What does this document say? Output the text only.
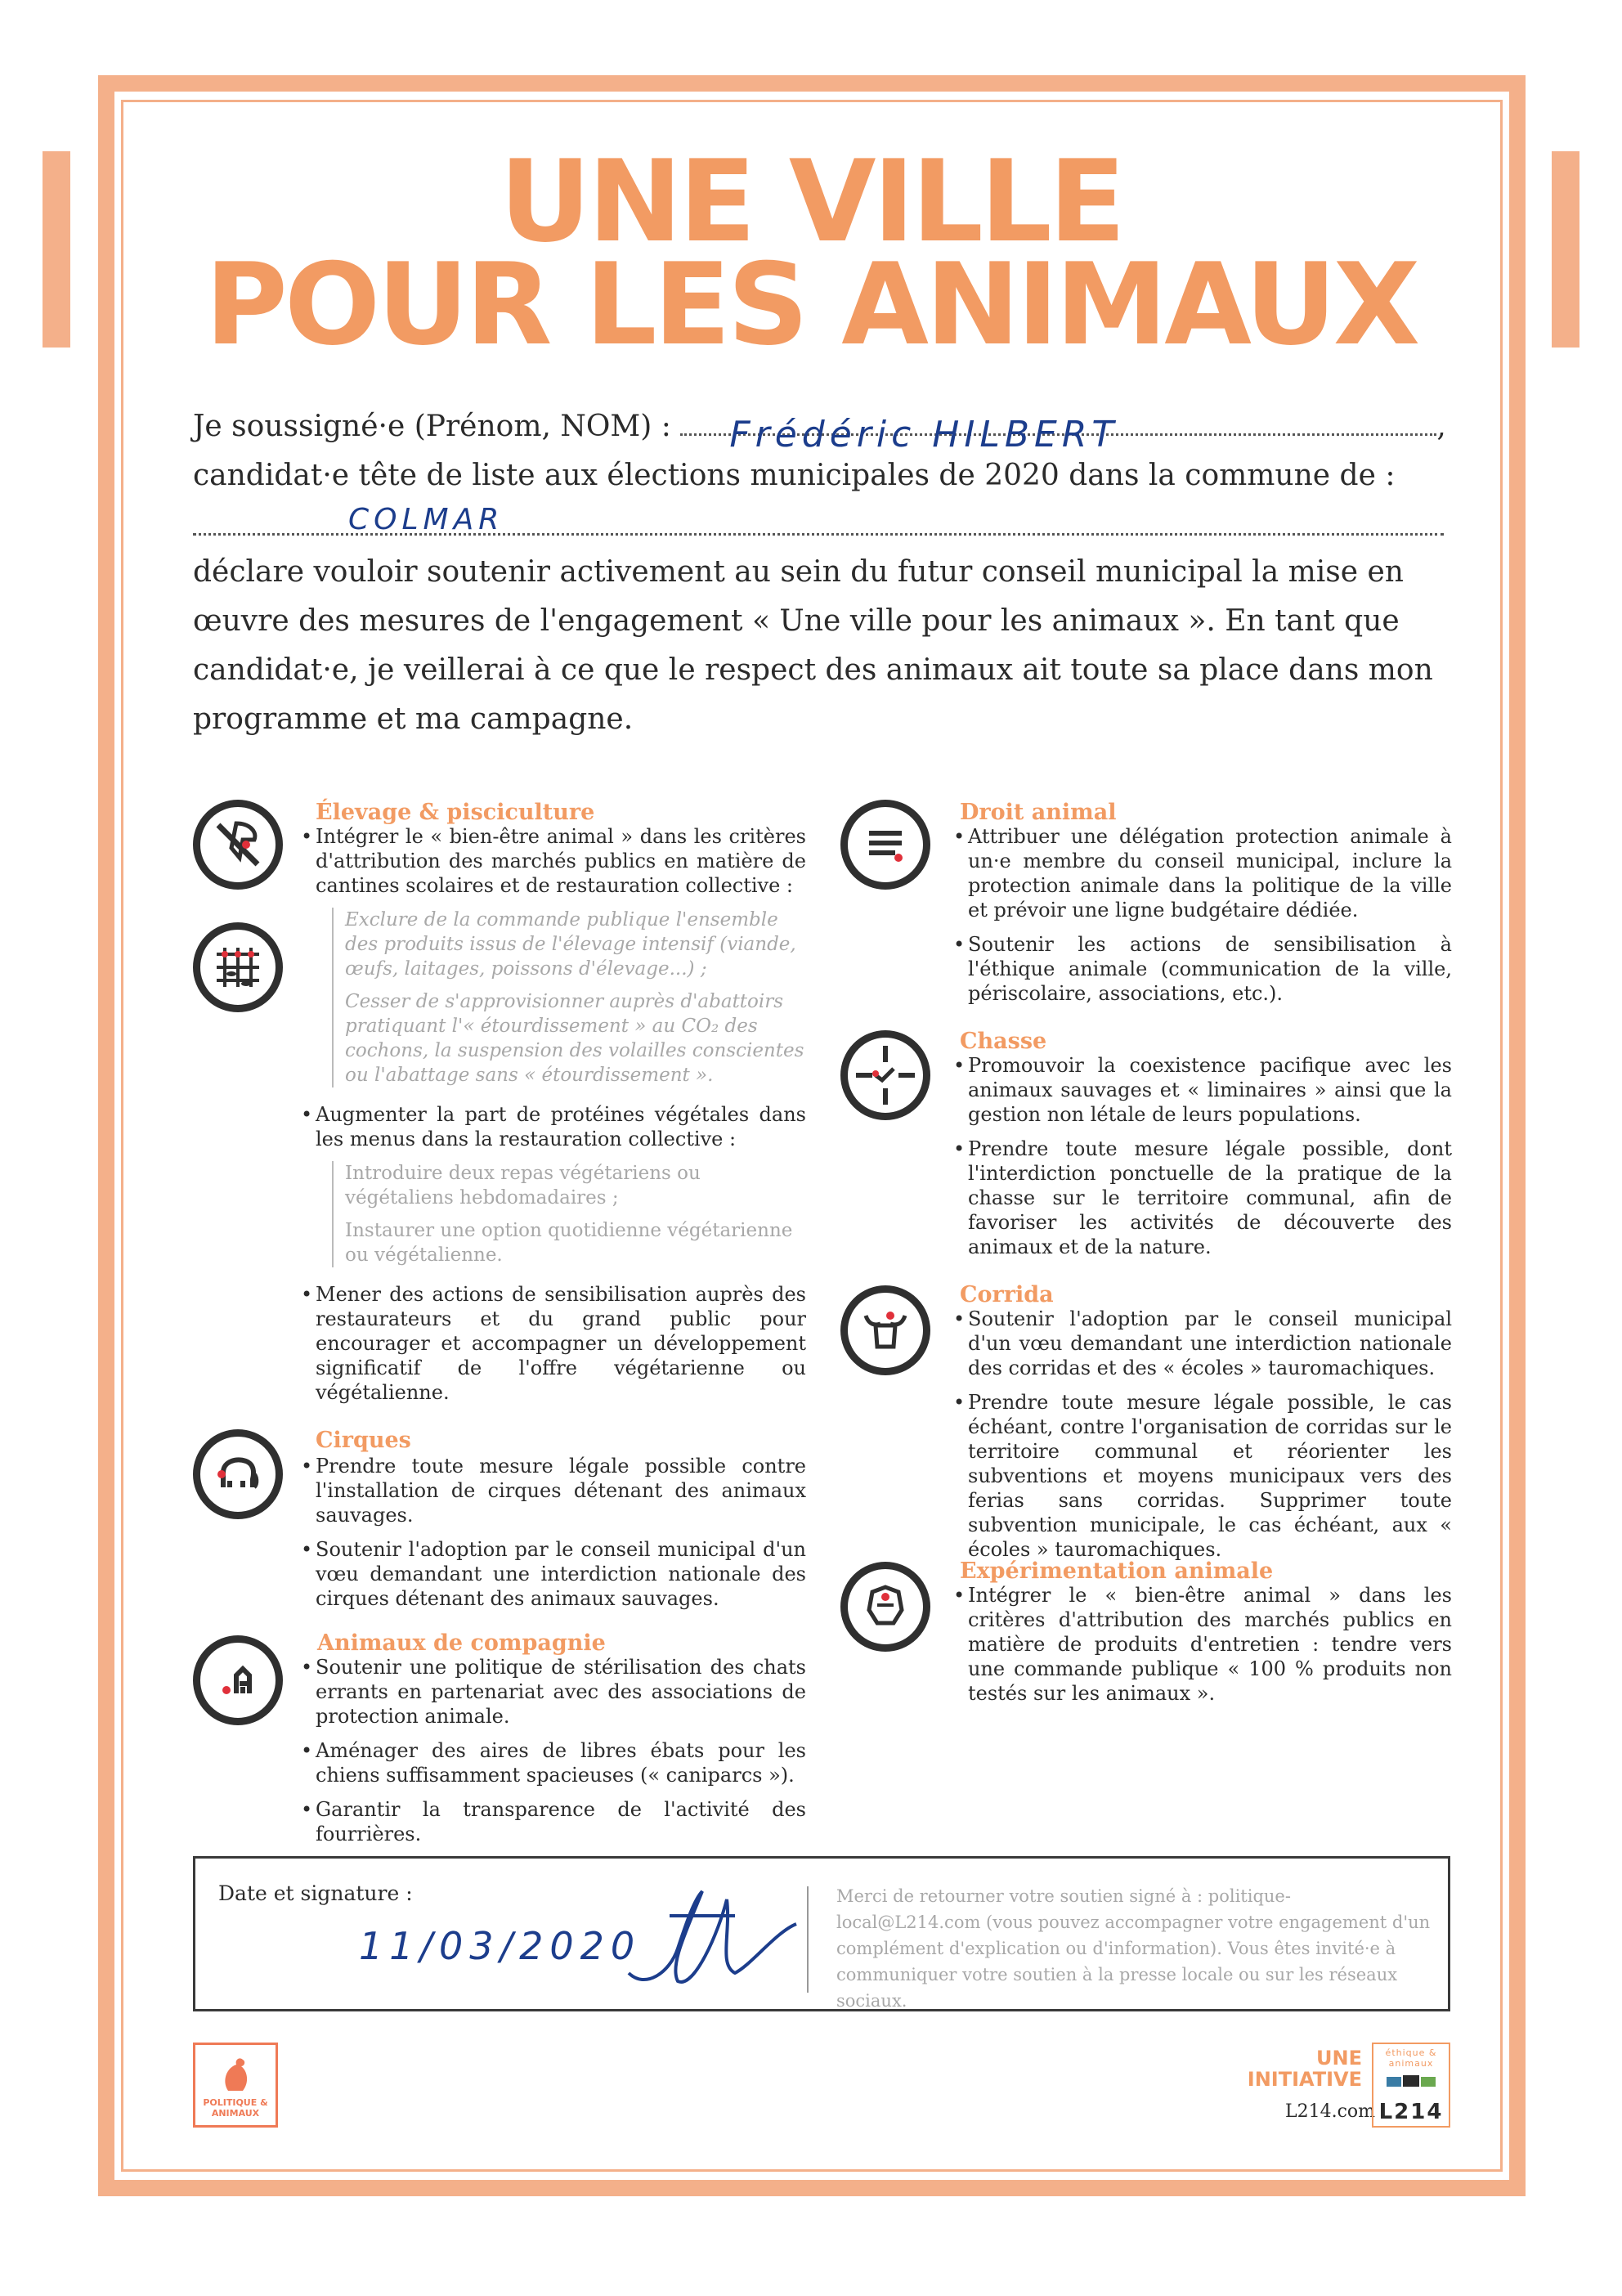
UNE VILLE
POUR LES ANIMAUX
Je soussigné·e (Prénom, NOM) : Frédéric HILBERT	,
candidat·e tête de liste aux élections municipales de 2020 dans la commune de :
COLMAR
déclare vouloir soutenir activement au sein du futur conseil municipal la mise en œuvre des mesures de l'engagement « Une ville pour les animaux ». En tant que candidat·e, je veillerai à ce que le respect des animaux ait toute sa place dans mon programme et ma campagne.
Élevage & pisciculture

• Intégrer le « bien-être animal » dans les critères d'attribution des marchés publics en matière de cantines scolaires et de restauration collective :

Exclure de la commande publique l'ensemble des produits issus de l'élevage intensif (viande, œufs, laitages, poissons d'élevage...) ;

Cesser de s'approvisionner auprès d'abattoirs pratiquant l'« étourdissement » au CO₂ des cochons, la suspension des volailles conscientes ou l'abattage sans « étourdissement ».

• Augmenter la part de protéines végétales dans les menus dans la restauration collective :

Introduire deux repas végétariens ou végétaliens hebdomadaires ;

Instaurer une option quotidienne végétarienne ou végétalienne.

• Mener des actions de sensibilisation auprès des restaurateurs et du grand public pour encourager et accompagner un développement significatif de l'offre végétarienne ou végétalienne.

Cirques

• Prendre toute mesure légale possible contre l'installation de cirques détenant des animaux sauvages.

• Soutenir l'adoption par le conseil municipal d'un vœu demandant une interdiction nationale des cirques détenant des animaux sauvages.

Animaux de compagnie

• Soutenir une politique de stérilisation des chats errants en partenariat avec des associations de protection animale.

• Aménager des aires de libres ébats pour les chiens suffisamment spacieuses (« caniparcs »).

• Garantir la transparence de l'activité des fourrières.

Droit animal

• Attribuer une délégation protection animale à un·e membre du conseil municipal, inclure la protection animale dans la politique de la ville et prévoir une ligne budgétaire dédiée.

• Soutenir les actions de sensibilisation à l'éthique animale (communication de la ville, périscolaire, associations, etc.).

Chasse

• Promouvoir la coexistence pacifique avec les animaux sauvages et « liminaires » ainsi que la gestion non létale de leurs populations.

• Prendre toute mesure légale possible, dont l'interdiction ponctuelle de la pratique de la chasse sur le territoire communal, afin de favoriser les activités de découverte des animaux et de la nature.

Corrida

• Soutenir l'adoption par le conseil municipal d'un vœu demandant une interdiction nationale des corridas et des « écoles » tauromachiques.

• Prendre toute mesure légale possible, le cas échéant, contre l'organisation de corridas sur le territoire communal et réorienter les subventions et moyens municipaux vers des ferias sans corridas. Supprimer toute subvention municipale, le cas échéant, aux « écoles » tauromachiques.

Expérimentation animale

• Intégrer le « bien-être animal » dans les critères d'attribution des marchés publics en matière de produits d'entretien : tendre vers une commande publique « 100 % produits non testés sur les animaux ».

Date et signature :
11/03/2020
Merci de retourner votre soutien signé à : politique-local@L214.com (vous pouvez accompagner votre engagement d'un complément d'explication ou d'information). Vous êtes invité·e à communiquer votre soutien à la presse locale ou sur les réseaux sociaux.
POLITIQUE & ANIMAUX
UNE
INITIATIVE
L214.com
éthique & animaux
L214
